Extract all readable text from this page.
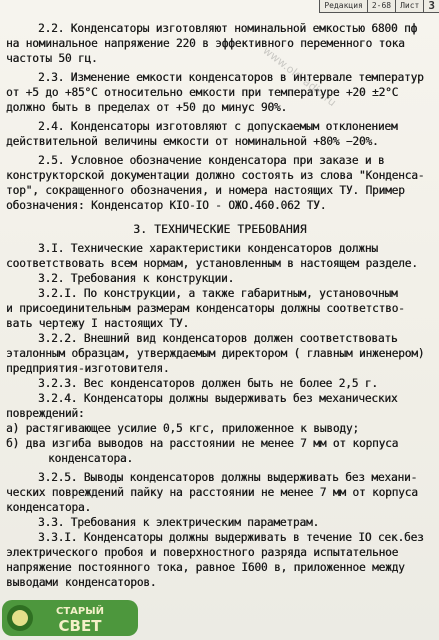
Редакция	2-68	Лист 3
www.oldradio.ru

2.2. Конденсаторы изготовляют номинальной емкостью 6800 пф

на номинальное напряжение 220 в эффективного переменного тока

частоты 50 гц.

2.3. Изменение емкости конденсаторов в интервале температур

от +5 до +85°С относительно емкости при температуре +20 ±2°С

должно быть в пределах от +50 до минус 90%.

2.4. Конденсаторы изготовляют с допускаемым отклонением

действительной величины емкости от номинальной +80% −20%.

2.5. Условное обозначение конденсатора при заказе и в

конструкторской документации должно состоять из слова "Конденса-

тор", сокращенного обозначения, и номера настоящих ТУ. Пример

обозначения: Конденсатор КIО-IО - ОЖО.460.062 ТУ.

3. ТЕХНИЧЕСКИЕ ТРЕБОВАНИЯ

3.I. Технические характеристики конденсаторов должны

соответствовать всем нормам, установленным в настоящем разделе.

3.2. Требования к конструкции.

3.2.I. По конструкции, а также габаритным, установочным

и присоединительным размерам конденсаторы должны соответство-

вать чертежу I настоящих ТУ.

3.2.2. Внешний вид конденсаторов должен соответствовать

эталонным образцам, утверждаемым директором ( главным инженером)

предприятия-изготовителя.

3.2.3. Вес конденсаторов должен быть не более 2,5 г.

3.2.4. Конденсаторы должны выдерживать без механических

повреждений:

а) растягивающее усилие 0,5 кгс, приложенное к выводу;

б) два изгиба выводов на расстоянии не менее 7 мм от корпуса

конденсатора.

3.2.5. Выводы конденсаторов должны выдерживать без механи-

ческих повреждений пайку на расстоянии не менее 7 мм от корпуса

конденсатора.

3.3. Требования к электрическим параметрам.

3.3.I. Конденсаторы должны выдерживать в течение IО сек.без

электрического пробоя и поверхностного разряда испытательное

напряжение постоянного тока, равное I600 в, приложенное между

выводами конденсаторов.

СТАРЫЙ
СВЕТ
